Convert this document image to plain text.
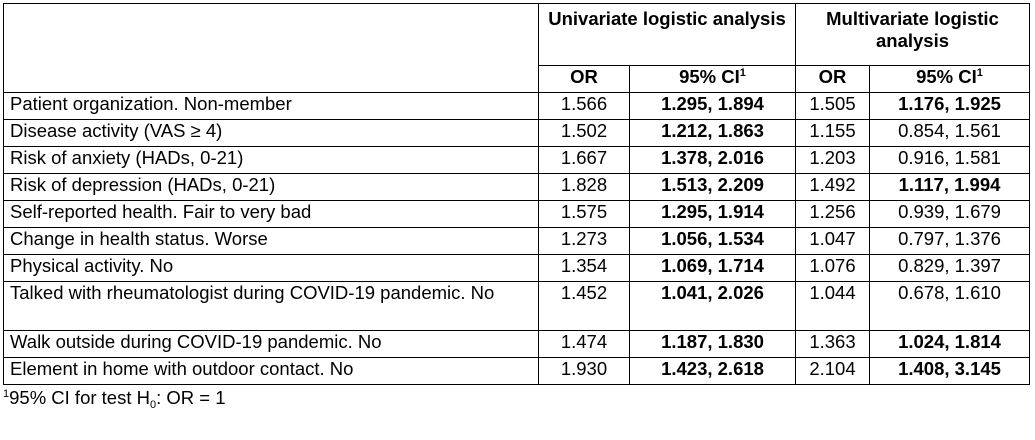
	Univariate logistic analysis		Multivariate logistic analysis	
	OR	95% $CI^1$	OR	95% $CI^1$
Patient organization. Non-member	1.566	1.295, 1.894	1.505	1.176, 1.925
Disease activity (VAS ≥ 4)	1.502	1.212, 1.863	1.155	0.854, 1.561
Risk of anxiety (HADs, 0-21)	1.667	1.378, 2.016	1.203	0.916, 1.581
Risk of depression (HADs, 0-21)	1.828	1.513, 2.209	1.492	1.117, 1.994
Self-reported health. Fair to very bad	1.575	1.295, 1.914	1.256	0.939, 1.679
Change in health status. Worse	1.273	1.056, 1.534	1.047	0.797, 1.376
Physical activity. No	1.354	1.069, 1.714	1.076	0.829, 1.397
Talked with rheumatologist during COVID-19 pandemic. No	1.452	1.041, 2.026	1.044	0.678, 1.610
Walk outside during COVID-19 pandemic. No	1.474	1.187, 1.830	1.363	1.024, 1.814
Element in home with outdoor contact. No	1.930	1.423, 2.618	2.104	1.408, 3.145
$^1$95% CI for test $H_0$: OR = 1
